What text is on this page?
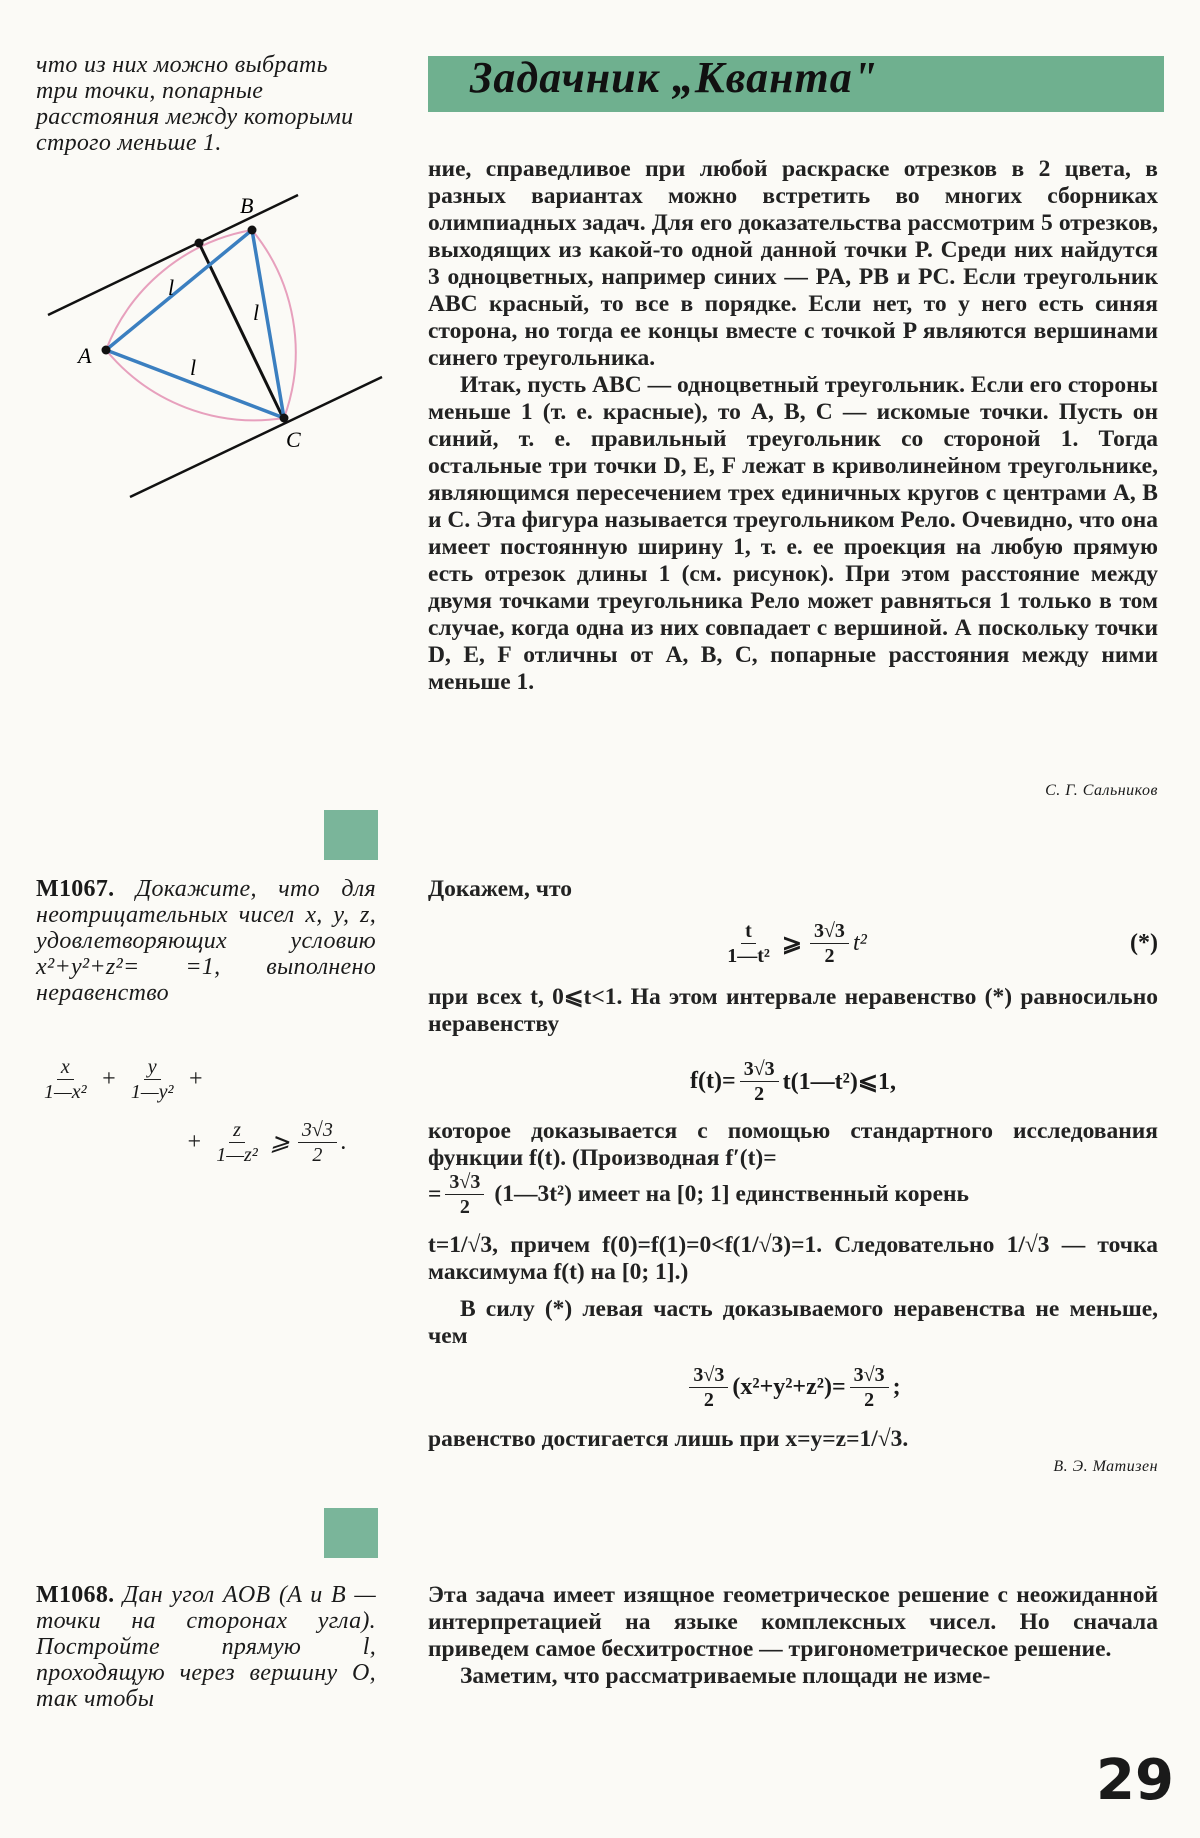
Задачник „Кванта"
что из них можно выбрать три точки, попарные расстояния между которыми строго меньше 1.
A
B
C
l
l
l
М1067. Докажите, что для неотрицательных чисел x, y, z, удовлетворяющих условию x²+y²+z²= =1, выполнено неравенство
$\frac{x}{\text{1—x²}} + \frac{y}{\text{1—y²}}$ +
+ $\frac{z}{\text{1—z²}}$ ⩾ $\frac{3√3}{2}$ .
М1068. Дан угол AOB (A и B — точки на сторонах угла). Постройте прямую l, проходящую через вершину O, так чтобы

ние, справедливое при любой раскраске отрезков в 2 цвета, в разных вариантах можно встретить во многих сборниках олимпиадных задач. Для его доказательства рассмотрим 5 отрезков, выходящих из какой-то одной данной точки P. Среди них найдутся 3 одноцветных, например синих — PA, PB и PC. Если треугольник ABC красный, то все в порядке. Если нет, то у него есть синяя сторона, но тогда ее концы вместе с точкой P являются вершинами синего треугольника.

Итак, пусть ABC — одноцветный треугольник. Если его стороны меньше 1 (т. е. красные), то A, B, C — искомые точки. Пусть он синий, т. е. правильный треугольник со стороной 1. Тогда остальные три точки D, E, F лежат в криволинейном треугольнике, являющимся пересечением трех единичных кругов с центрами A, B и C. Эта фигура называется треугольником Рело. Очевидно, что она имеет постоянную ширину 1, т. е. ее проекция на любую прямую есть отрезок длины 1 (см. рисунок). При этом расстояние между двумя точками треугольника Рело может равняться 1 только в том случае, когда одна из них совпадает с вершиной. А поскольку точки D, E, F отличны от A, B, C, попарные расстояния между ними меньше 1.

С. Г. Сальников
Докажем, что
$\frac{t}{\text{1—t²}}$ ⩾ $\frac{3√3}{2} t^2$	(*)
при всех t, 0⩽t<1. На этом интервале неравенство (*) равносильно неравенству
$f(t)= \frac{3√3}{2}$ t(1—t²)⩽1,
которое доказывается с помощью стандартного исследования функции f(t). (Производная f′(t)=
= $\frac{3√3}{2}$ (1—3t²) имеет на [0; 1] единственный корень
t=1/√3, причем f(0)=f(1)=0<f(1/√3)=1. Следовательно 1/√3 — точка максимума f(t) на [0; 1].)
В силу (*) левая часть доказываемого неравенства не меньше, чем
$\frac{3√3}{2} (x^2+y^2+z^2)= \frac{3√3}{2}$ ;
равенство достигается лишь при x=y=z=1/√3.
В. Э. Матизен

Эта задача имеет изящное геометрическое решение с неожиданной интерпретацией на языке комплексных чисел. Но сначала приведем самое бесхитростное — тригонометрическое решение.

Заметим, что рассматриваемые площади не изме-

29
